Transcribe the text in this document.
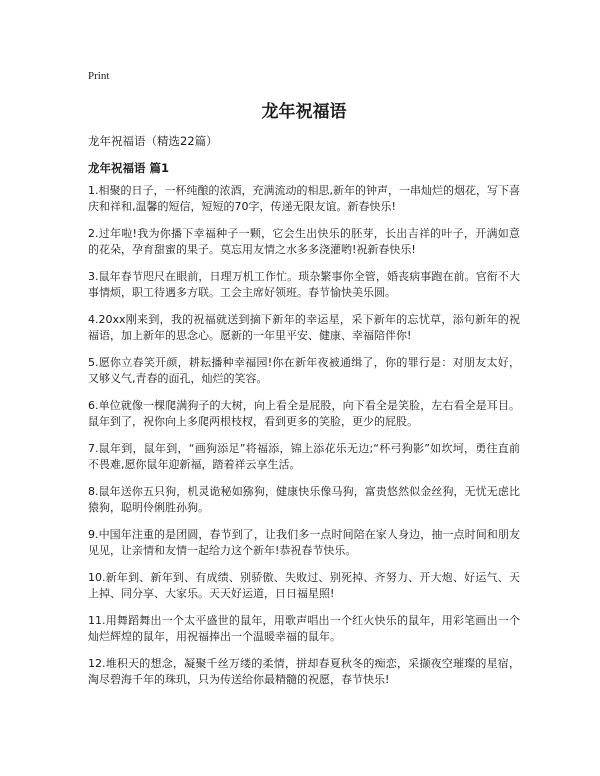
Print
龙年祝福语

龙年祝福语（精选22篇）

龙年祝福语 篇1

1.相聚的日子，一杯纯酿的浓酒，充满流动的相思,新年的钟声，一串灿烂的烟花，写下喜庆和祥和,温馨的短信，短短的70字，传递无限友谊。新春快乐!
2.过年啦!我为你播下幸福种子一颗，它会生出快乐的胚芽，长出吉祥的叶子，开满如意的花朵，孕育甜蜜的果子。莫忘用友情之水多多浇灌哟!祝新春快乐!
3.鼠年春节咫尺在眼前，日理万机工作忙。琐杂繁事你全管，婚丧病事跑在前。官衔不大事情烦，职工待遇多方联。工会主席好领班。春节愉快美乐圆。
4.20xx刚来到，我的祝福就送到摘下新年的幸运星，采下新年的忘忧草，添句新年的祝福语，加上新年的思念心。愿新的一年里平安、健康、幸福陪伴你!
5.愿你立春笑开颜，耕耘播种幸福园!你在新年夜被通缉了，你的罪行是：对朋友太好，又够义气,青春的面孔，灿烂的笑容。
6.单位就像一棵爬满狗子的大树，向上看全是屁股，向下看全是笑脸，左右看全是耳目。鼠年到了，祝你向上多爬两根枝杈，看到更多的笑脸，更少的屁股。
7.鼠年到，鼠年到，“画狗添足”将福添，锦上添花乐无边;“杯弓狗影”如坎坷，勇往直前不畏难,愿你鼠年迎新福，踏着祥云享生活。
8.鼠年送你五只狗，机灵诡秘如猕狗，健康快乐像马狗，富贵悠然似金丝狗，无忧无虑比猿狗，聪明伶俐胜孙狗。
9.中国年注重的是团圆，春节到了，让我们多一点时间陪在家人身边，抽一点时间和朋友见见，让亲情和友情一起给力这个新年!恭祝春节快乐。
10.新年到、新年到、有成绩、别骄傲、失败过、别死掉、齐努力、开大炮、好运气、天上掉、同分享、大家乐。天天好运道，日日福星照!
11.用舞蹈舞出一个太平盛世的鼠年，用歌声唱出一个红火快乐的鼠年，用彩笔画出一个灿烂辉煌的鼠年，用祝福捧出一个温暖幸福的鼠年。
12.堆积天的想念，凝聚千丝万缕的柔情，拼却春夏秋冬的痴恋，采撷夜空璀璨的星宿，淘尽碧海千年的珠玑，只为传送给你最精髓的祝愿，春节快乐!
